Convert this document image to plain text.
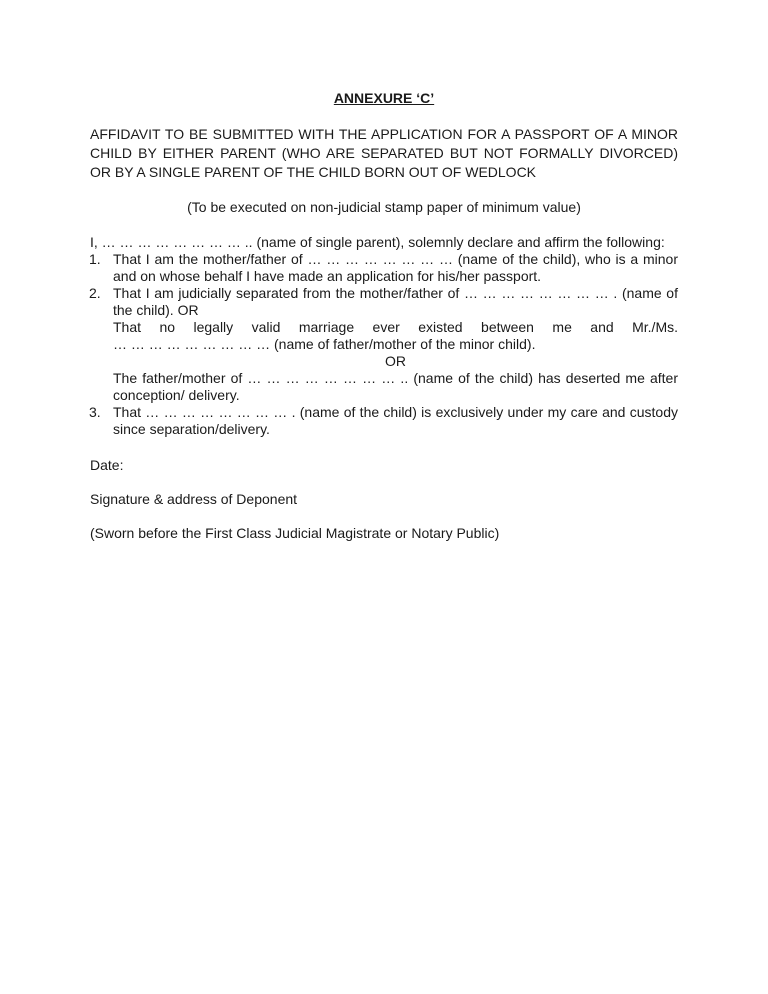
ANNEXURE ‘C’
AFFIDAVIT TO BE SUBMITTED WITH THE APPLICATION FOR A PASSPORT OF A MINOR CHILD BY EITHER PARENT (WHO ARE SEPARATED BUT NOT FORMALLY DIVORCED) OR BY A SINGLE PARENT OF THE CHILD BORN OUT OF WEDLOCK
(To be executed on non-judicial stamp paper of minimum value)
I, … … … … … … … … .. (name of single parent), solemnly declare and affirm the following:
1. That I am the mother/father of … … … … … … … … (name of the child), who is a minor and on whose behalf I have made an application for his/her passport.
2. That I am judicially separated from the mother/father of … … … … … … … … . (name of the child). OR
That no legally valid marriage ever existed between me and Mr./Ms.
… … … … … … … … … (name of father/mother of the minor child).
OR
The father/mother of … … … … … … … … .. (name of the child) has deserted me after conception/ delivery.
3. That … … … … … … … … . (name of the child) is exclusively under my care and custody since separation/delivery.
Date:
Signature & address of Deponent
(Sworn before the First Class Judicial Magistrate or Notary Public)
